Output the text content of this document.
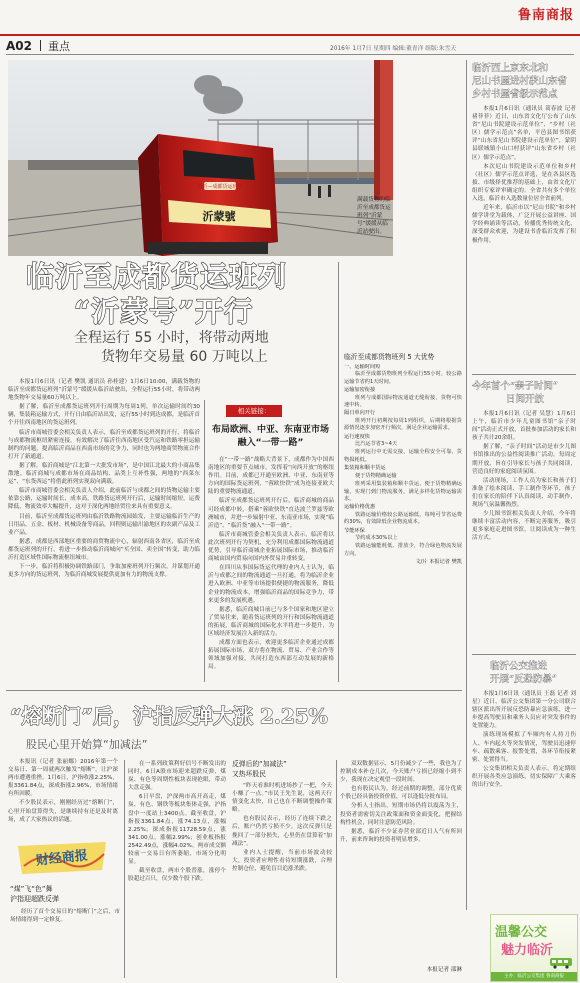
鲁南商报
A02 重点	2016年 1月7日 星期四 编辑:董青洋 组版:朱雪天
临沂—成都货运班列
沂蒙號
满载货物的临沂至成都货运班列“沂蒙号”缓缓从临沂站驶出。
临沂至成都货运班列
“沂蒙号”开行
全程运行 55 小时，将带动两地
货物年交易量 60 万吨以上

本报1月6日讯（记者 樊凯 通讯员 孙桂建）1月6日10:00，满载货物的临沂至成都货运班列“沂蒙号”缓缓从临沂站驶出，全程运行55小时，将带动两地货物年交易量60万吨以上。

据了解，临沂至成都货运班列开行周期为每周1列，单次运输时间约30辆，集装箱运输方式，开行日由临沂站出发，运行55小时到达成都，是临沂首个开往西南地区的货运班列。

临沂市商城管委会相关负责人表示，临沂至成都货运班列的开行，将临沂与成都物流枢纽紧密连接，有效解决了临沂往西南地区受汽运和铁路零担运输制约的问题，提高临沂商品在西南市场的竞争力，同时也为两地商贸物流合作打开了新通道。

据了解，临沂商城是“江北第一大批发市场”，是中国江北最大的小商品集散地。临沂商城与成都市场在商品结构、品类上互补性强，两地的“西菜东运”、“东货西运”将借此班列实现双向满载。

临沂市商城管委会相关负责人介绍，此前临沂与成都之间的货物运输主要依靠公路，运输时间长、成本高，铁路货运班列开行后，运输时间缩短，运费降低，物流效率大幅提升，这对于深化两地经贸往来具有重要意义。

目前，临沂至成都货运班列由临沂铁路物流园始发，主要运输临沂生产的日用品、五金、板材、机械设备等商品，回程则运输川渝地区的农副产品及工业产品。

据悉，成都是西部地区重要的商贸物流中心，辐射西南各省区，临沂至成都货运班列的开行，将进一步推动临沂商城向“买全国、卖全国”转变，助力临沂打造区域性国际物流枢纽城市。

下一步，临沂将积极协调铁路部门，争取加密班列开行频次，并谋划开通更多方向的货运班列，为临沂商城发展提供更加有力的物流支撑。

相关链接：
布局欧洲、中亚、东南亚市场
融入“一带一路”

在“一带一路”战略大背景下，成都作为中国西南地区的重要节点城市，发挥着“向西开放”的枢纽作用。目前，成都已开通至欧洲、中亚、东南亚等方向的国际货运班列，“蓉欧快铁”成为连接亚欧大陆的重要物流通道。

临沂至成都货运班列开行后，临沂商城的商品可经成都中转，搭乘“蓉欧快铁”直达波兰罗兹等欧洲城市，并进一步辐射中亚、东南亚市场，实现“临沂造”、“临沂货”融入“一带一路”。

临沂市商城管委会相关负责人表示，临沂将以此次班列开行为契机，充分利用成都国际物流通道优势，引导临沂商城企业拓展国际市场，推动临沂商城由国内贸易向国内外贸易并重转变。

在四川从事国际货运代理的业内人士认为，临沂与成都之间的物流通道一旦打通，将为临沂企业进入欧洲、中亚等市场提供便捷的物流服务，降低企业的物流成本，增强临沂商品的国际竞争力，带来更多的发展机遇。

据悉，临沂商城目前已与多个国家和地区建立了贸易往来，随着货运班列的开行和国际物流通道的拓展，临沂商城的国际化水平将进一步提升，为区域经济发展注入新的活力。

成都方面也表示，欢迎更多临沂企业通过成都拓展国际市场，双方将在物流、贸易、产业合作等领域加强对接，共同打造东西部互动发展的新格局。

临沂至成都货物班列 5 大优势
一、运输时间短

临沂至成都货物班列全程运行55小时，较公路运输节省约1天时间。

运输加密衔接

班列与成都国际物流通道无缝衔接，货物可快速中转。

隔日单向开行

班列开行初期按每周1列组织，后期将根据货源情况逐步加密开行频次，满足企业运输需求。

运行速度快

比汽运节省3~4天

班列运行中无需交接，运输全程安全可靠，货物损耗低。

集装箱和顺丰货运

便于货物精确运输

班列采用集装箱和顺丰货运，便于货物精确运输，实现门到门物流服务，满足多样化货物运输需求。

运输价格优惠

铁路运输价格较公路运输低，每吨可节省运费约30%，有效降低企业物流成本。

节能环保

节约成本30%以上

铁路运输能耗低、排放少，符合绿色物流发展方向。

文/片 本报记者 樊凯
临沂西上京东北和
尼山书屋进村获山东省
乡村书屋省级示范点

本报1月6日讯（通讯员 蒿春波 记者 褚菲菲）近日，山东省文化厅公布了山东省“尼山书院建设示范单位”、“乡村（社区）儒学示范点”名单，平邑县图书馆获评“山东省尼山书院建设示范单位”，蒙阴县联城镇小山口村获评“山东省乡村（社区）儒学示范点”。

本次尼山书院建设示范单位和乡村（社区）儒学示范点评选，是在各县区选拔、市级择优推荐的基础上，由省文化厅组织专家评审确定的。全省共有多个单位入选，临沂市入选数量位居全省前列。

近年来，临沂市以“尼山书院”和乡村儒学讲堂为载体，广泛开展公益讲座、国学经典诵读等活动，传播优秀传统文化，深受群众欢迎，为建设书香临沂发挥了积极作用。

今年首个“亲子时间”
日间开放

本报1月6日讯（记者 吴慧）1月6日上午，临沂市少年儿童图书馆“亲子时间”活动正式开放，首批参加活动的家长和孩子共计20余组。

据了解，“亲子时间”活动是市少儿图书馆推出的公益性阅读推广活动，每周定期开放，旨在引导家长与孩子共同阅读，营造良好的家庭阅读氛围。

活动现场，工作人员为家长和孩子们准备了绘本阅读、手工制作等环节，孩子们在家长的陪伴下认真阅读、动手制作，现场气氛温馨热烈。

少儿图书馆相关负责人介绍，今年将继续丰富活动内容，不断完善服务，吸引更多家庭走进图书馆，让阅读成为一种生活方式。

临沂公交推进
开展“反恐防暴”

本报1月6日讯（通讯员 王磊 记者 刘星）近日，临沂公交集团第一分公司联合辖区派出所开展反恐防暴应急演练，进一步提高驾驶员和乘务人员应对突发事件的处置能力。

演练现场模拟了车厢内有人持刀伤人、车内起火等突发情况，驾驶员迅速停车、疏散乘客、报警处置，各环节衔接紧密、处置得当。

公交集团相关负责人表示，将定期组织开展各类应急演练，切实保障广大乘客的出行安全。

“熔断门”后，沪指反弹大涨 2.25%
股民心里开始算“加减法”

本报讯（记者 张丽娜）2016年第一个交易日、第一周就两次触发“熔断”，让沪深两市遭遇重挫。1月6日，沪指收涨2.25%，报3361.84点，深成指涨2.96%，市场情绪有所回暖。

不少股民表示，刚刚经历过“熔断门”，心里开始盘算得失，是继续持有还是及时离场，成了大家热议的话题。

财经商报
“煤”飞“色”舞
沪指迎超跌反弹

经历了首个交易日的“熔断门”之后，市场情绪得到一定修复。

在一系列政策利好信号不断发出的同时，6日A股市场迎来超跌反弹，煤炭、有色等周期性板块表现抢眼，带动大盘走强。

6日早盘，沪深两市高开高走，煤炭、有色、钢铁等板块集体走强，沪指盘中一度站上3400点。截至收盘，沪指报3361.84点，涨74.13点，涨幅2.25%；深成指报11728.59点，涨341.00点，涨幅2.99%；创业板指报2542.49点，涨幅4.02%。两市成交额较前一交易日有所萎缩，市场分化明显。

截至收盘，两市个股普涨，涨停个股超过百只，仅少数个股下跌。

反弹后的“加减法”
又热坏股民

“昨天看准时机进场抄了一把，今天小赚了一点。”市民王先生说，这两天行情变化太快，自己也在不断调整操作策略。

也有股民表示，经历了连续下跌之后，账户仍然亏损不少，这次反弹只是挽回了一部分损失，心里仍在盘算着“加减法”。

业内人士提醒，当前市场波动较大，投资者应理性看待短期涨跌，合理控制仓位，避免盲目追涨杀跌。

双双数据显示，5月份减少了一些，我也为了控制成本补仓几次，今天账户亏损已经缩小到不少，我现在决定观望一段时间。

也有股民认为，经过前期的调整，部分优质个股已经具备投资价值，可以逢低分批布局。

分析人士指出，短期市场仍将以震荡为主，投资者需密切关注政策面和资金面变化，把握结构性机会，同时注意防范风险。

据悉，临沂不少证券营业部近日人气有所回升，前来咨询的投资者明显增多。

本报记者 邵淋
温馨公交
魅力临沂
主办：临沂公交集团 鲁南商报
